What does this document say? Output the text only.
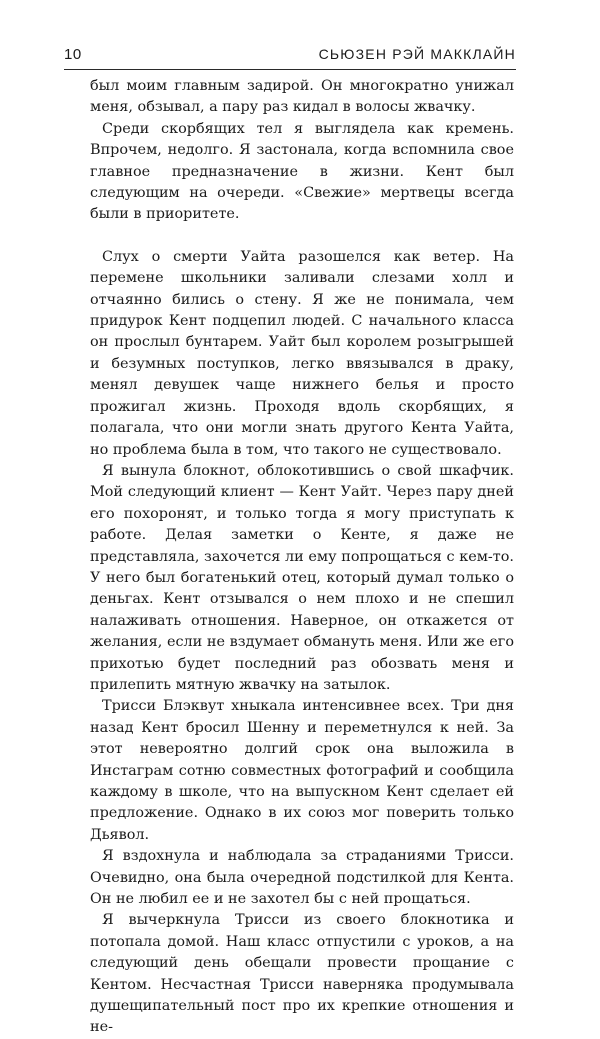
10	СЬЮЗЕН РЭЙ МАККЛАЙН

был моим главным задирой. Он многократно унижал меня, обзывал, а пару раз кидал в волосы жвачку.

Среди скорбящих тел я выглядела как кремень. Впрочем, недолго. Я застонала, когда вспомнила свое главное предназначение в жизни. Кент был следующим на очереди. «Свежие» мертвецы всегда были в приоритете.

Слух о смерти Уайта разошелся как ветер. На перемене школьники заливали слезами холл и отчаянно бились о стену. Я же не понимала, чем придурок Кент подцепил людей. С начального класса он прослыл бунтарем. Уайт был королем розыгрышей и безумных поступков, легко ввязывался в драку, менял девушек чаще нижнего белья и просто прожигал жизнь. Проходя вдоль скорбящих, я полагала, что они могли знать другого Кента Уайта, но проблема была в том, что такого не существовало.

Я вынула блокнот, облокотившись о свой шкафчик. Мой следующий клиент — Кент Уайт. Через пару дней его похоронят, и только тогда я могу приступать к работе. Делая заметки о Кенте, я даже не представляла, захочется ли ему попрощаться с кем-то. У него был богатенький отец, который думал только о деньгах. Кент отзывался о нем плохо и не спешил налаживать отношения. Наверное, он откажется от желания, если не вздумает обмануть меня. Или же его прихотью будет последний раз обозвать меня и прилепить мятную жвачку на затылок.

Трисси Блэквут хныкала интенсивнее всех. Три дня назад Кент бросил Шенну и переметнулся к ней. За этот невероятно долгий срок она выложила в Инстаграм сотню совместных фотографий и сообщила каждому в школе, что на выпускном Кент сделает ей предложение. Однако в их союз мог поверить только Дьявол.

Я вздохнула и наблюдала за страданиями Трисси. Очевидно, она была очередной подстилкой для Кента. Он не любил ее и не захотел бы с ней прощаться.

Я вычеркнула Трисси из своего блокнотика и потопала домой. Наш класс отпустили с уроков, а на следующий день обещали провести прощание с Кентом. Несчастная Трисси наверняка продумывала душещипательный пост про их крепкие отношения и не-
